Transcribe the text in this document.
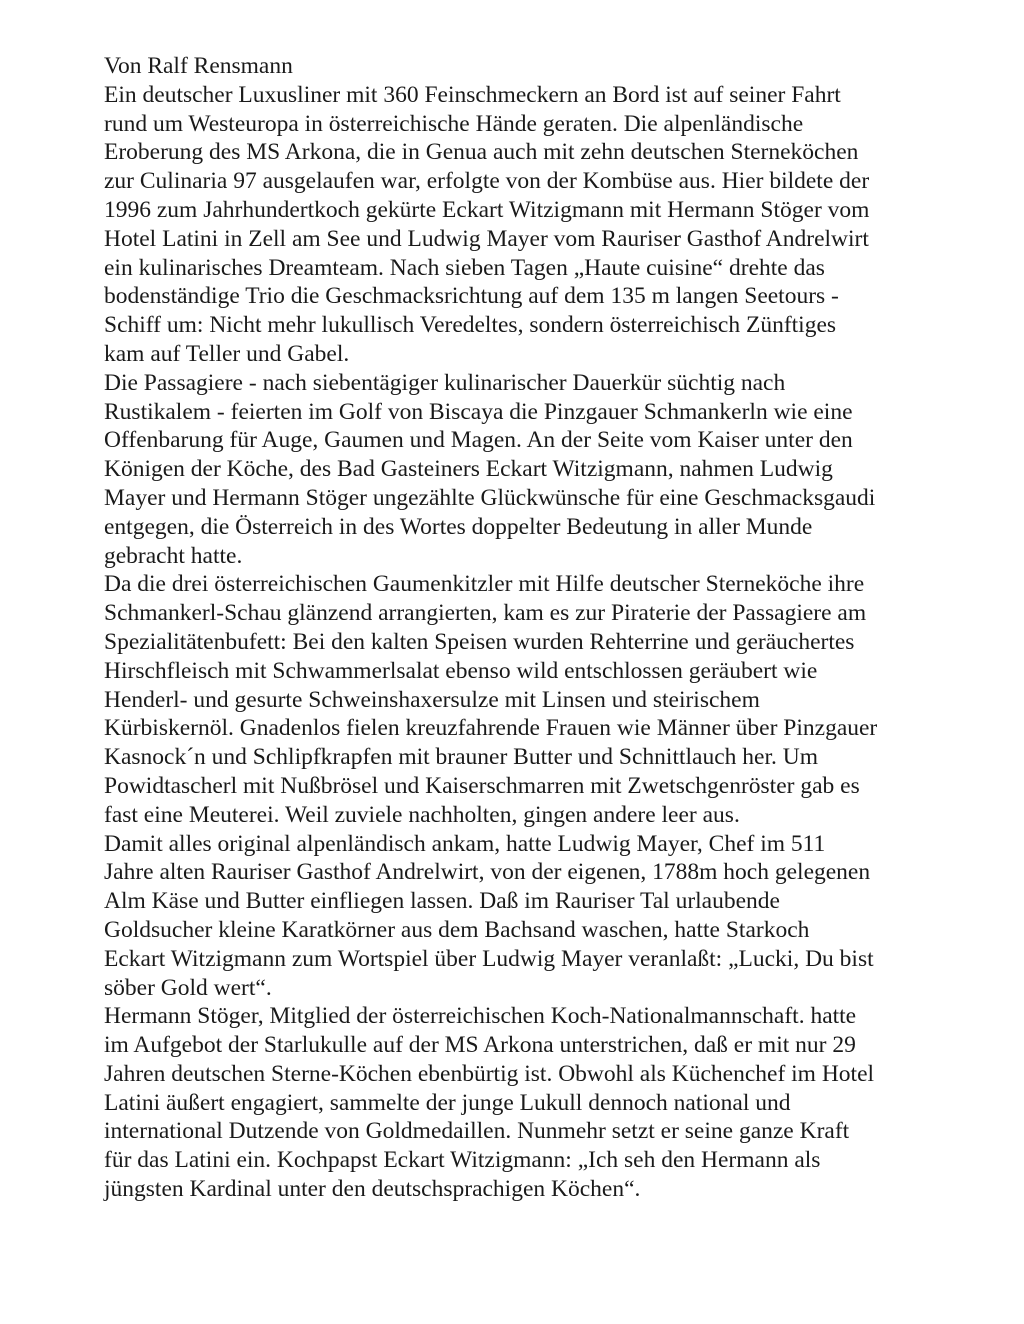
Von Ralf Rensmann
Ein deutscher Luxusliner mit 360 Feinschmeckern an Bord ist auf seiner Fahrt
rund um Westeuropa in österreichische Hände geraten. Die alpenländische
Eroberung des MS Arkona, die in Genua auch mit zehn deutschen Sterneköchen
zur Culinaria 97 ausgelaufen war, erfolgte von der Kombüse aus. Hier bildete der
1996 zum Jahrhundertkoch gekürte Eckart Witzigmann mit Hermann Stöger vom
Hotel Latini in Zell am See und Ludwig Mayer vom Rauriser Gasthof Andrelwirt
ein kulinarisches Dreamteam. Nach sieben Tagen „Haute cuisine“ drehte das
bodenständige Trio die Geschmacksrichtung auf dem 135 m langen Seetours -
Schiff um: Nicht mehr lukullisch Veredeltes, sondern österreichisch Zünftiges
kam auf Teller und Gabel.
Die Passagiere - nach siebentägiger kulinarischer Dauerkür süchtig nach
Rustikalem - feierten im Golf von Biscaya die Pinzgauer Schmankerln wie eine
Offenbarung für Auge, Gaumen und Magen. An der Seite vom Kaiser unter den
Königen der Köche, des Bad Gasteiners Eckart Witzigmann, nahmen Ludwig
Mayer und Hermann Stöger ungezählte Glückwünsche für eine Geschmacksgaudi
entgegen, die Österreich in des Wortes doppelter Bedeutung in aller Munde
gebracht hatte.
Da die drei österreichischen Gaumenkitzler mit Hilfe deutscher Sterneköche ihre
Schmankerl-Schau glänzend arrangierten, kam es zur Piraterie der Passagiere am
Spezialitätenbufett: Bei den kalten Speisen wurden Rehterrine und geräuchertes
Hirschfleisch mit Schwammerlsalat ebenso wild entschlossen geräubert wie
Henderl- und gesurte Schweinshaxersulze mit Linsen und steirischem
Kürbiskernöl. Gnadenlos fielen kreuzfahrende Frauen wie Männer über Pinzgauer
Kasnock´n und Schlipfkrapfen mit brauner Butter und Schnittlauch her. Um
Powidtascherl mit Nußbrösel und Kaiserschmarren mit Zwetschgenröster gab es
fast eine Meuterei. Weil zuviele nachholten, gingen andere leer aus.
Damit alles original alpenländisch ankam, hatte Ludwig Mayer, Chef im 511
Jahre alten Rauriser Gasthof Andrelwirt, von der eigenen, 1788m hoch gelegenen
Alm Käse und Butter einfliegen lassen. Daß im Rauriser Tal urlaubende
Goldsucher kleine Karatkörner aus dem Bachsand waschen, hatte Starkoch
Eckart Witzigmann zum Wortspiel über Ludwig Mayer veranlaßt: „Lucki, Du bist
söber Gold wert“.
Hermann Stöger, Mitglied der österreichischen Koch-Nationalmannschaft. hatte
im Aufgebot der Starlukulle auf der MS Arkona unterstrichen, daß er mit nur 29
Jahren deutschen Sterne-Köchen ebenbürtig ist. Obwohl als Küchenchef im Hotel
Latini äußert engagiert, sammelte der junge Lukull dennoch national und
international Dutzende von Goldmedaillen. Nunmehr setzt er seine ganze Kraft
für das Latini ein. Kochpapst Eckart Witzigmann: „Ich seh den Hermann als
jüngsten Kardinal unter den deutschsprachigen Köchen“.
